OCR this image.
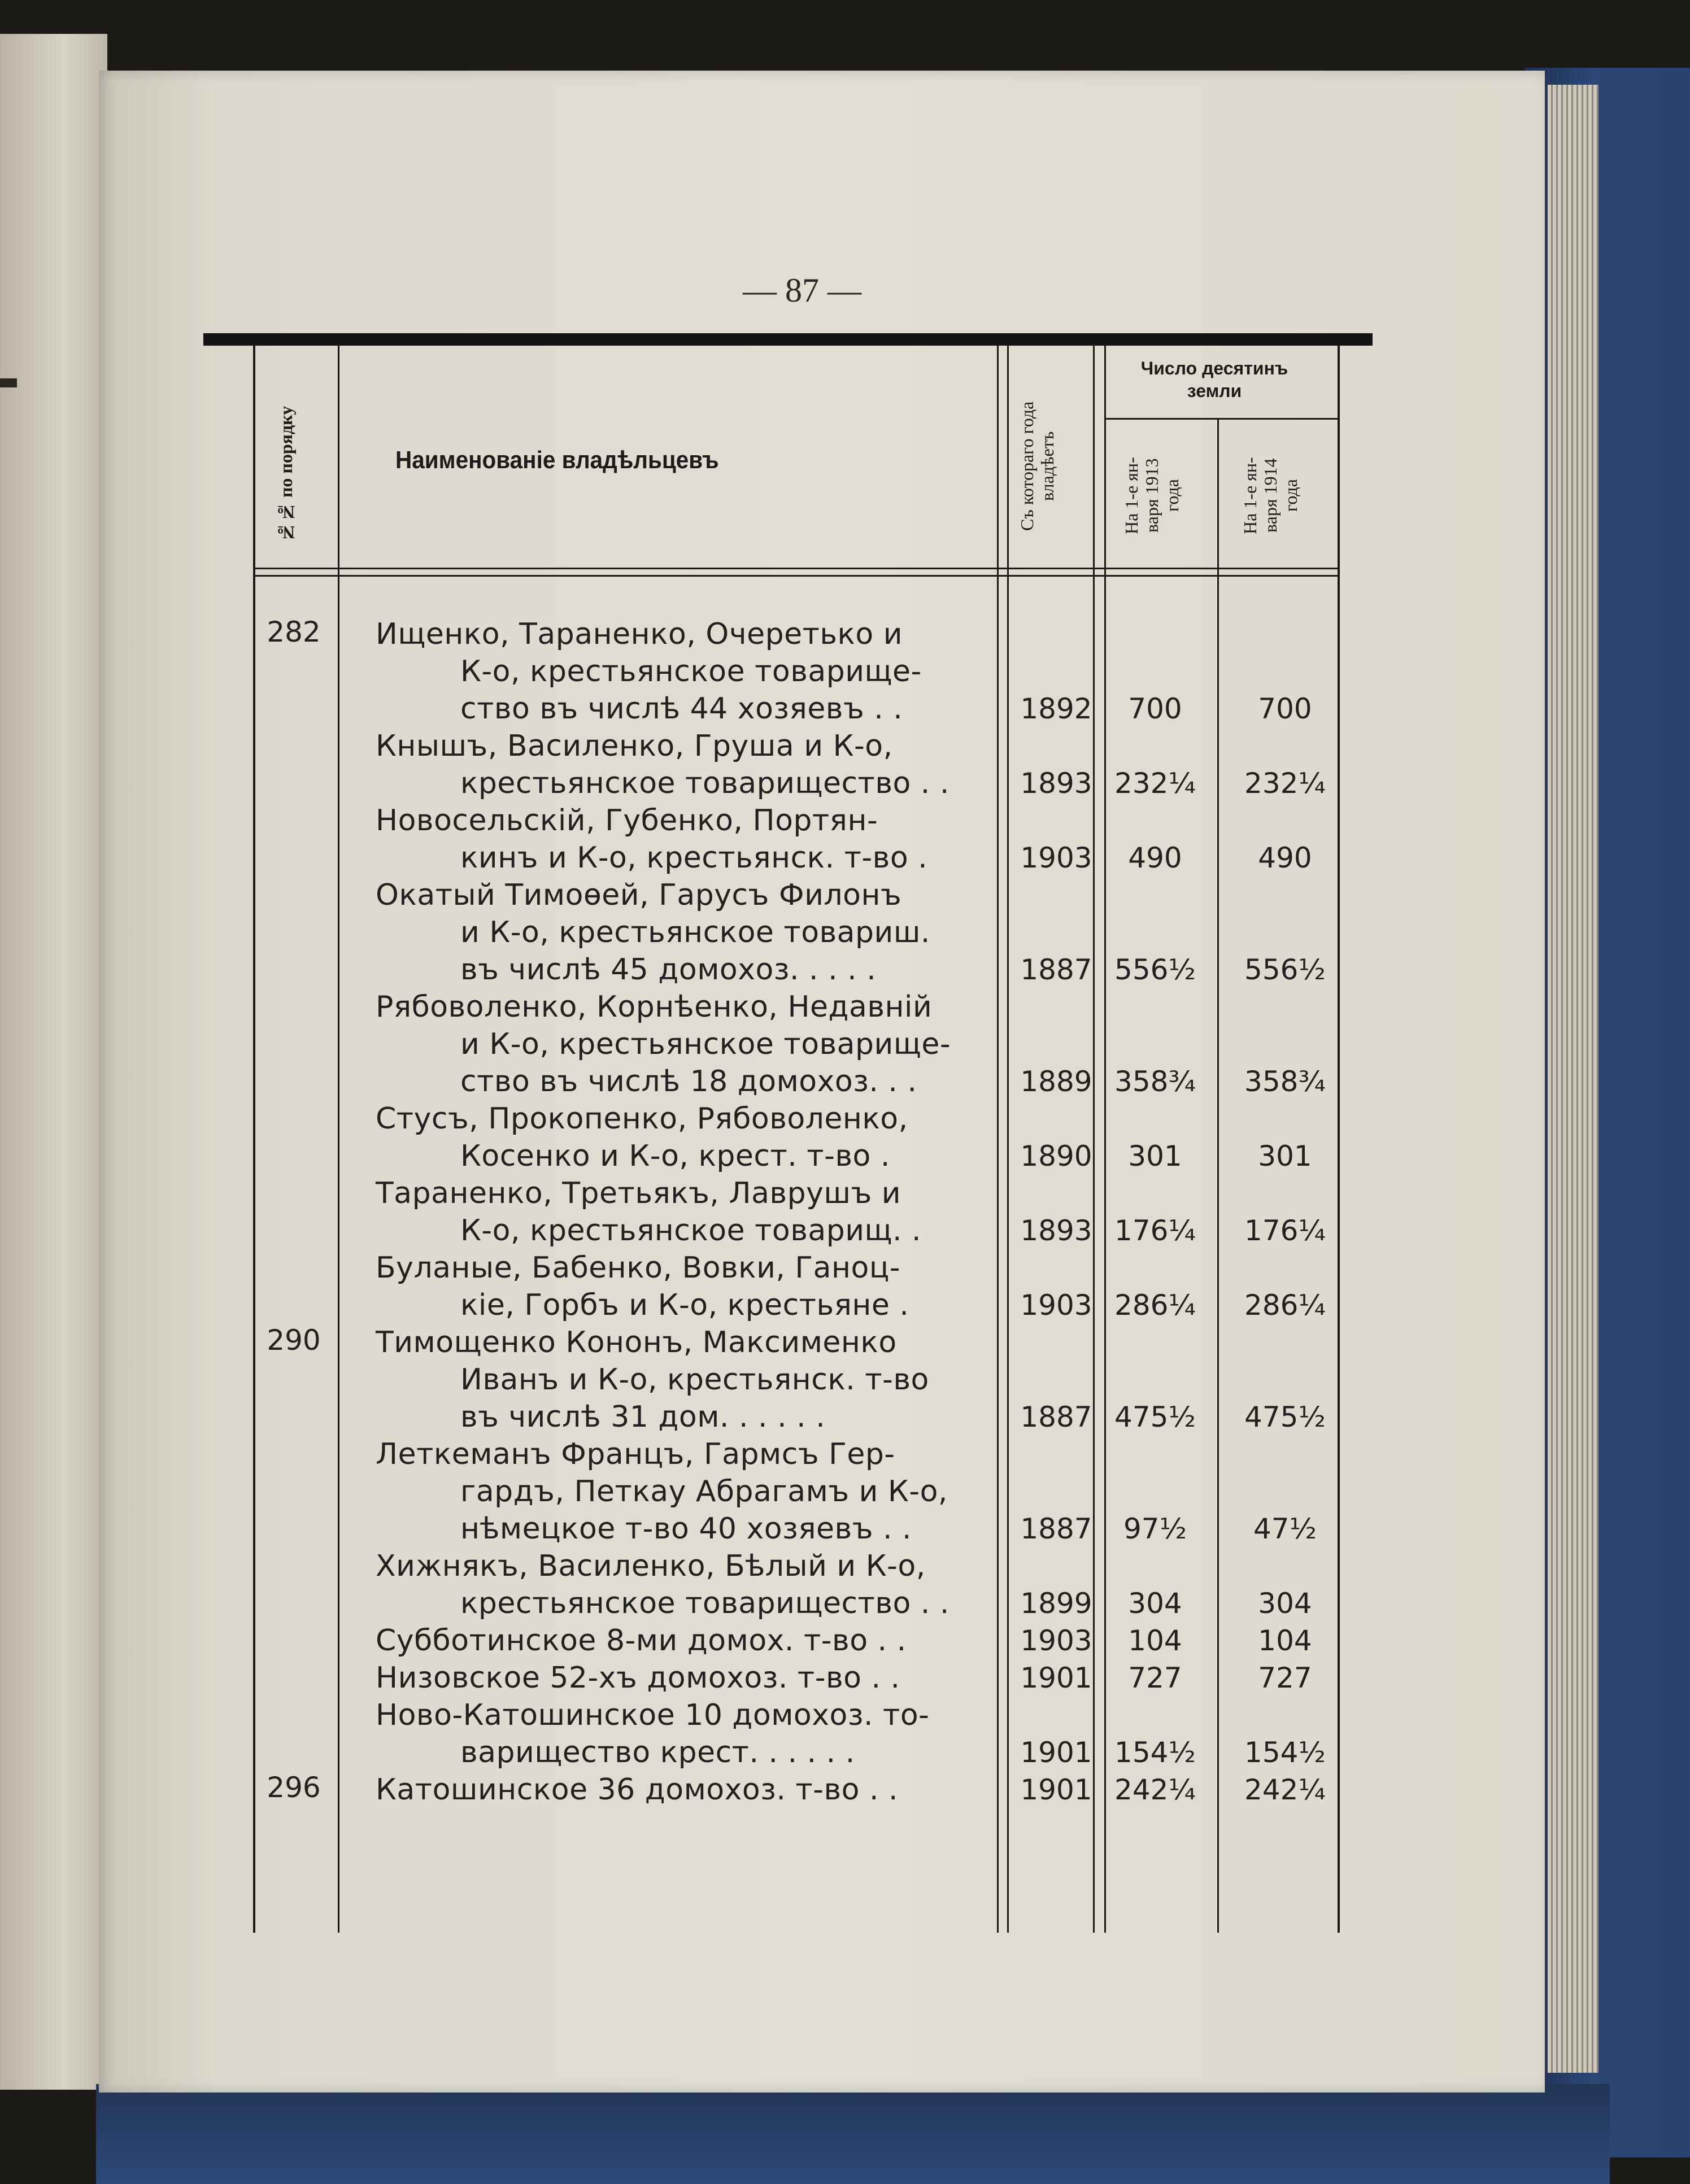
— 87 —
№№ по порядку	Наименованіе владѣльцевъ
Съ котораго года
владѣетъ
Число десятинъ
земли
На 1-е ян-
варя 1913
года
На 1-е ян-
варя 1914
года
282	Ищенко, Тараненко, Очеретько и
К-о, крестьянское товарище-
ство въ числѣ 44 хозяевъ . .	1892	700	700
Кнышъ, Василенко, Груша и К-о,
крестьянское товарищество . .	1893 232¼	232¼
Новосельскій, Губенко, Портян-
кинъ и К-о, крестьянск. т-во .	1903	490	490
Окатый Тимоѳей, Гарусъ Филонъ
и К-о, крестьянское товариш.
въ числѣ 45 домохоз. . . . .	1887 556½	556½
Рябоволенко, Корнѣенко, Недавній
и К-о, крестьянское товарище-
ство въ числѣ 18 домохоз. . .	1889 358¾	358¾
Стусъ, Прокопенко, Рябоволенко,
Косенко и К-о, крест. т-во .	1890	301	301
Тараненко, Третьякъ, Лаврушъ и
К-о, крестьянское товарищ. .	1893 176¼	176¼
Буланые, Бабенко, Вовки, Ганоц-
кіе, Горбъ и К-о, крестьяне .	1903 286¼	286¼
290	Тимощенко Кононъ, Максименко
Иванъ и К-о, крестьянск. т-во
въ числѣ 31 дом. . . . . .	1887 475½	475½
Леткеманъ Францъ, Гармсъ Гер-
гардъ, Петкау Абрагамъ и К-о,
нѣмецкое т-во 40 хозяевъ . .	1887	97½	47½
Хижнякъ, Василенко, Бѣлый и К-о,
крестьянское товарищество . .	1899	304	304
Субботинское 8-ми домох. т-во . .	1903	104	104
Низовское 52-хъ домохоз. т-во . .	1901	727	727
Ново-Катошинское 10 домохоз. то-
варищество крест. . . . . .	1901 154½	154½
296	Катошинское 36 домохоз. т-во . .	1901 242¼	242¼
